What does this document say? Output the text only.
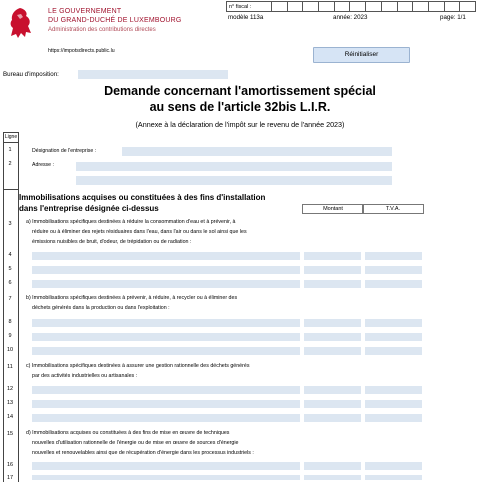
LE GOUVERNEMENT
DU GRAND-DUCHÉ DE LUXEMBOURG
Administration des contributions directes
n° fiscal :													
modèle 113a	année: 2023	page: 1/1
https://impotsdirects.public.lu	Réinitialiser
Bureau d'imposition:
Demande concernant l'amortissement spécial
au sens de l'article 32bis L.I.R.
(Annexe à la déclaration de l'impôt sur le revenu de l'année 2023)
Ligne
1	Désignation de l'entreprise :
2	Adresse :
Immobilisations acquises ou constituées à des fins d'installation
dans l'entreprise désignée ci-dessus	Montant	T.V.A.
3	a) Immobilisations spécifiques destinées à réduire la consommation d'eau et à prévenir, à
réduire ou à éliminer des rejets résiduaires dans l'eau, dans l'air ou dans le sol ainsi que les
émissions nuisibles de bruit, d'odeur, de trépidation ou de radiation :
4
5
6
7	b) Immobilisations spécifiques destinées à prévenir, à réduire, à recycler ou à éliminer des
déchets générés dans la production ou dans l'exploitation :
8
9
10
11	c) Immobilisations spécifiques destinées à assurer une gestion rationnelle des déchets générés
par des activités industrielles ou artisanales :
12
13
14
15	d) Immobilisations acquises ou constituées à des fins de mise en œuvre de techniques
nouvelles d'utilisation rationnelle de l'énergie ou de mise en œuvre de sources d'énergie
nouvelles et renouvelables ainsi que de récupération d'énergie dans les processus industriels :
16
17
